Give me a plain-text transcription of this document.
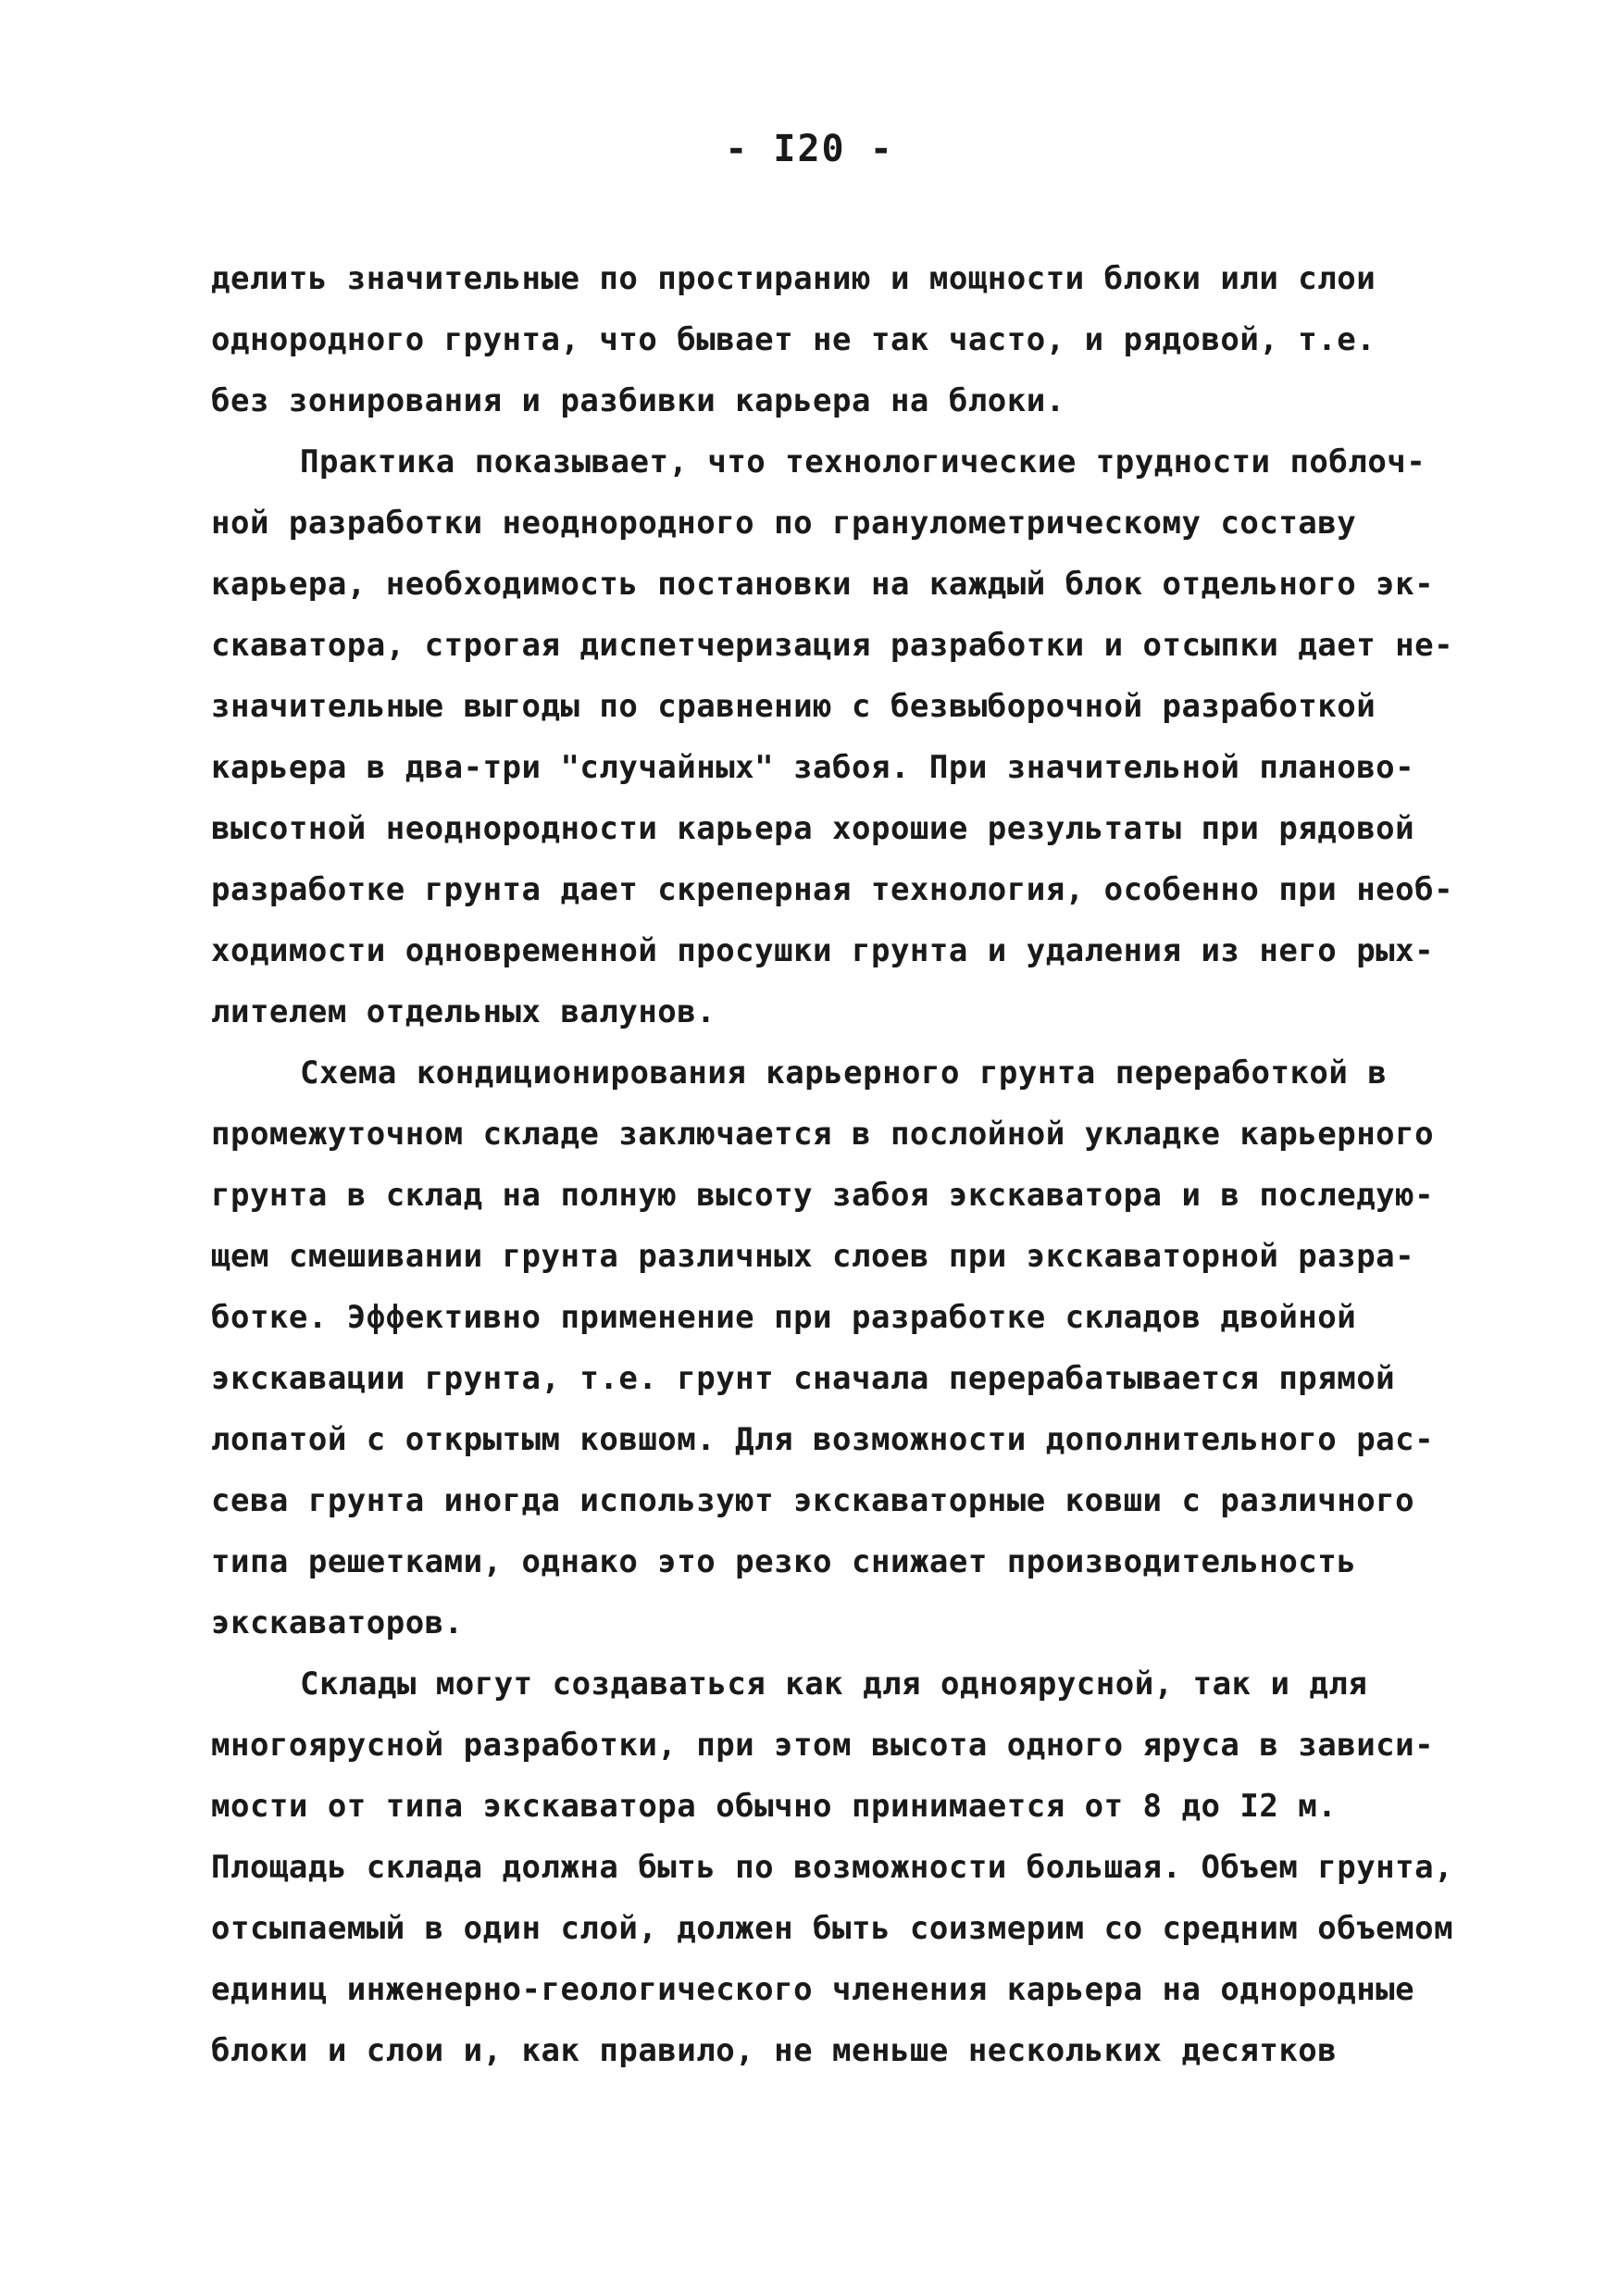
- I20 -
делить значительные по простиранию и мощности блоки или слои
однородного грунта, что бывает не так часто, и рядовой, т.е.
без зонирования и разбивки карьера на блоки.
Практика показывает, что технологические трудности поблоч-
ной разработки неоднородного по гранулометрическому составу
карьера, необходимость постановки на каждый блок отдельного эк-
скаватора, строгая диспетчеризация разработки и отсыпки дает не-
значительные выгоды по сравнению с безвыборочной разработкой
карьера в два-три "случайных" забоя. При значительной планово-
высотной неоднородности карьера хорошие результаты при рядовой
разработке грунта дает скреперная технология, особенно при необ-
ходимости одновременной просушки грунта и удаления из него рых-
лителем отдельных валунов.
Схема кондиционирования карьерного грунта переработкой в
промежуточном складе заключается в послойной укладке карьерного
грунта в склад на полную высоту забоя экскаватора и в последую-
щем смешивании грунта различных слоев при экскаваторной разра-
ботке. Эффективно применение при разработке складов двойной
экскавации грунта, т.е. грунт сначала перерабатывается прямой
лопатой с открытым ковшом. Для возможности дополнительного рас-
сева грунта иногда используют экскаваторные ковши с различного
типа решетками, однако это резко снижает производительность
экскаваторов.
Склады могут создаваться как для одноярусной, так и для
многоярусной разработки, при этом высота одного яруса в зависи-
мости от типа экскаватора обычно принимается от 8 до I2 м.
Площадь склада должна быть по возможности большая. Объем грунта,
отсыпаемый в один слой, должен быть соизмерим со средним объемом
единиц инженерно-геологического членения карьера на однородные
блоки и слои и, как правило, не меньше нескольких десятков
